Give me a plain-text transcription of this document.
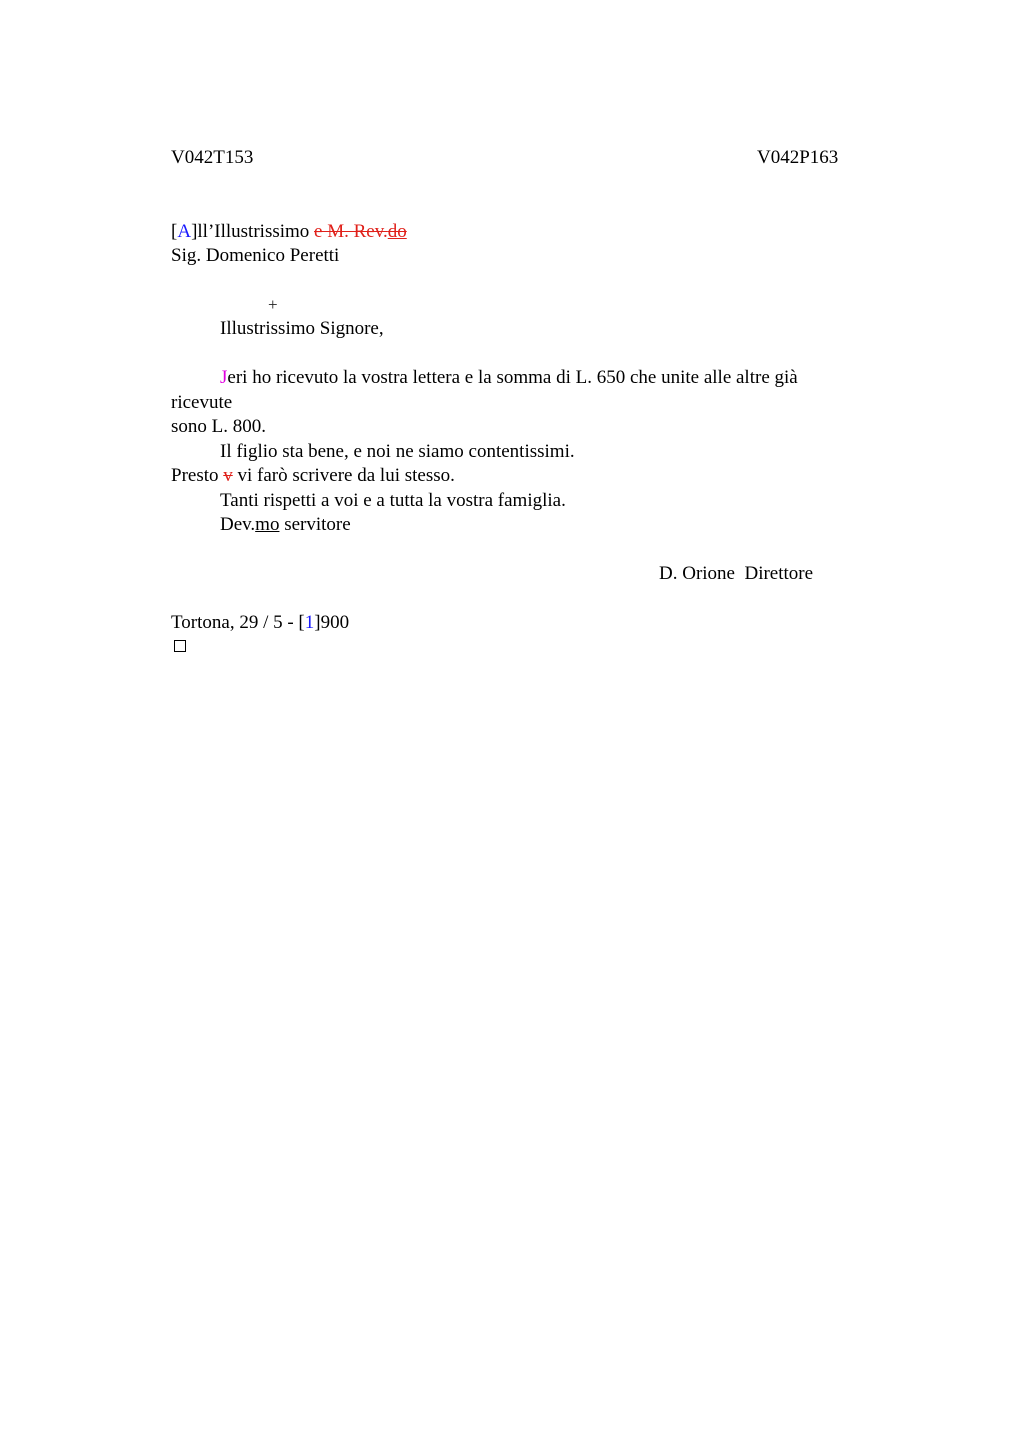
V042T153	V042P163
[A]ll’Illustrissimo e M. Rev.do
Sig. Domenico Peretti
+
Illustrissimo Signore,
Jeri ho ricevuto la vostra lettera e la somma di L. 650 che unite alle altre già
ricevute
sono L. 800.
Il figlio sta bene, e noi ne siamo contentissimi.
Presto v vi farò scrivere da lui stesso.
Tanti rispetti a voi e a tutta la vostra famiglia.
Dev.mo servitore
D. Orione  Direttore
Tortona, 29 / 5 - [1]900
